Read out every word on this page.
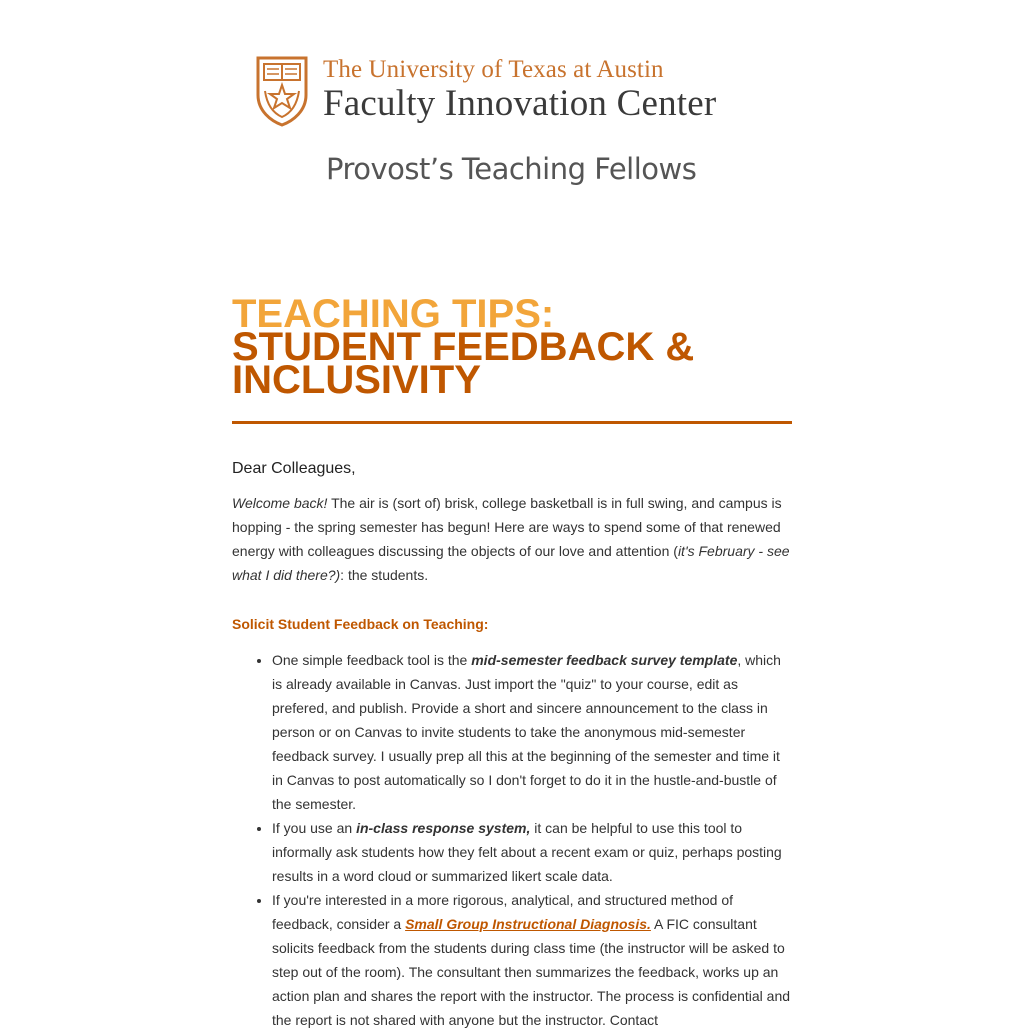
The University of Texas at Austin
Faculty Innovation Center
Provost’s Teaching Fellows
TEACHING TIPS:
STUDENT FEEDBACK & INCLUSIVITY
Dear Colleagues,

Welcome back! The air is (sort of) brisk, college basketball is in full swing, and campus is hopping - the spring semester has begun! Here are ways to spend some of that renewed energy with colleagues discussing the objects of our love and attention (it's February - see what I did there?): the students.

Solicit Student Feedback on Teaching:
• One simple feedback tool is the mid-semester feedback survey template, which is already available in Canvas. Just import the "quiz" to your course, edit as prefered, and publish. Provide a short and sincere announcement to the class in person or on Canvas to invite students to take the anonymous mid-semester feedback survey. I usually prep all this at the beginning of the semester and time it in Canvas to post automatically so I don't forget to do it in the hustle-and-bustle of the semester.
• If you use an in-class response system, it can be helpful to use this tool to informally ask students how they felt about a recent exam or quiz, perhaps posting results in a word cloud or summarized likert scale data.
• If you're interested in a more rigorous, analytical, and structured method of feedback, consider a Small Group Instructional Diagnosis. A FIC consultant solicits feedback from the students during class time (the instructor will be asked to step out of the room). The consultant then summarizes the feedback, works up an action plan and shares the report with the instructor. The process is confidential and the report is not shared with anyone but the instructor. Contact
